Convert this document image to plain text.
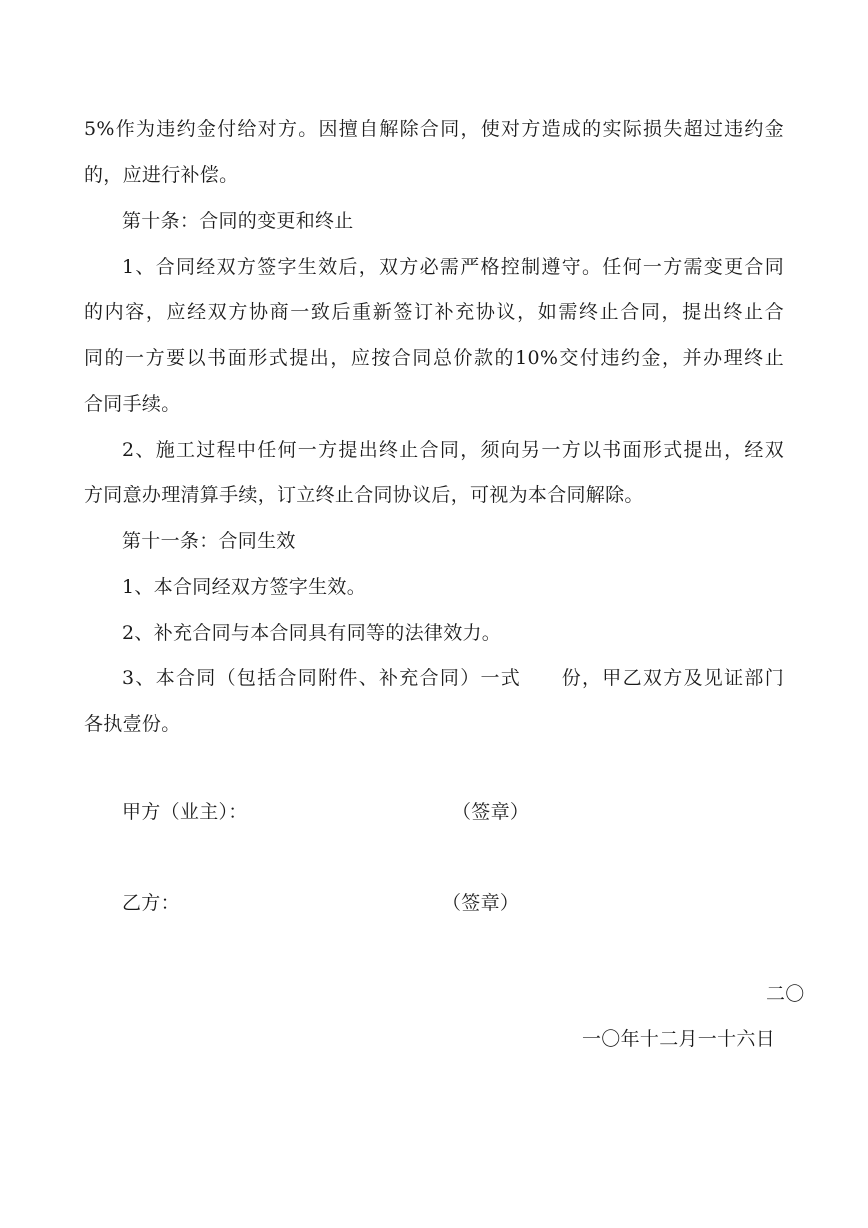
5%作为违约金付给对方。因擅自解除合同，使对方造成的实际损失超过违约金
的，应进行补偿。
第十条：合同的变更和终止
1、合同经双方签字生效后，双方必需严格控制遵守。任何一方需变更合同
的内容，应经双方协商一致后重新签订补充协议，如需终止合同，提出终止合
同的一方要以书面形式提出，应按合同总价款的10%交付违约金，并办理终止
合同手续。
2、施工过程中任何一方提出终止合同，须向另一方以书面形式提出，经双
方同意办理清算手续，订立终止合同协议后，可视为本合同解除。
第十一条：合同生效
1、本合同经双方签字生效。
2、补充合同与本合同具有同等的法律效力。
3、本合同（包括合同附件、补充合同）一式　　份，甲乙双方及见证部门
各执壹份。
甲方（业主）：	（签章）
乙方：	（签章）
二〇
一〇年十二月一十六日
